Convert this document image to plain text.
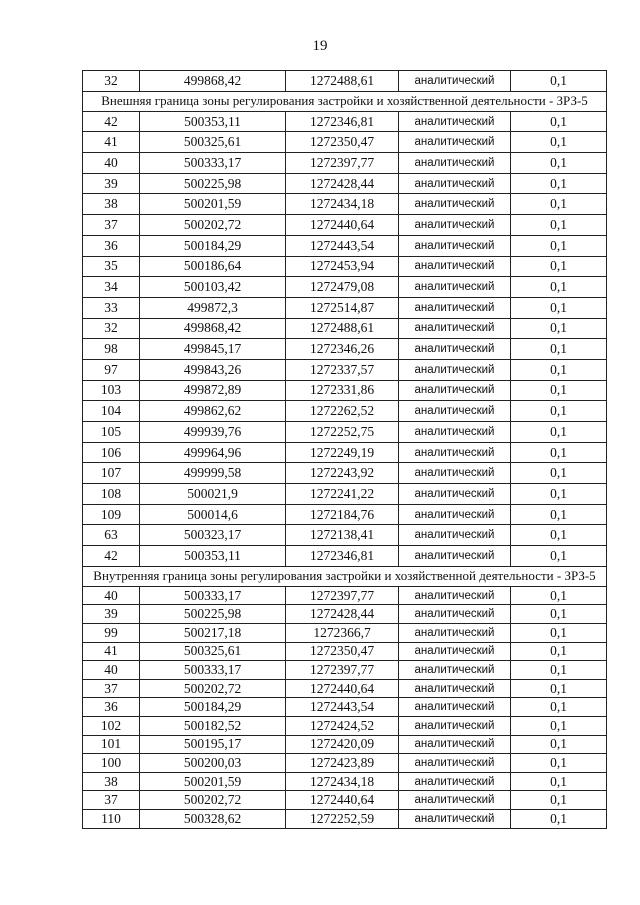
19
32	499868,42	1272488,61	аналитический	0,1
Внешняя граница зоны регулирования застройки и хозяйственной деятельности - ЗРЗ-5				
42	500353,11	1272346,81	аналитический	0,1
41	500325,61	1272350,47	аналитический	0,1
40	500333,17	1272397,77	аналитический	0,1
39	500225,98	1272428,44	аналитический	0,1
38	500201,59	1272434,18	аналитический	0,1
37	500202,72	1272440,64	аналитический	0,1
36	500184,29	1272443,54	аналитический	0,1
35	500186,64	1272453,94	аналитический	0,1
34	500103,42	1272479,08	аналитический	0,1
33	499872,3	1272514,87	аналитический	0,1
32	499868,42	1272488,61	аналитический	0,1
98	499845,17	1272346,26	аналитический	0,1
97	499843,26	1272337,57	аналитический	0,1
103	499872,89	1272331,86	аналитический	0,1
104	499862,62	1272262,52	аналитический	0,1
105	499939,76	1272252,75	аналитический	0,1
106	499964,96	1272249,19	аналитический	0,1
107	499999,58	1272243,92	аналитический	0,1
108	500021,9	1272241,22	аналитический	0,1
109	500014,6	1272184,76	аналитический	0,1
63	500323,17	1272138,41	аналитический	0,1
42	500353,11	1272346,81	аналитический	0,1
Внутренняя граница зоны регулирования застройки и хозяйственной деятельности - ЗРЗ-5				
40	500333,17	1272397,77	аналитический	0,1
39	500225,98	1272428,44	аналитический	0,1
99	500217,18	1272366,7	аналитический	0,1
41	500325,61	1272350,47	аналитический	0,1
40	500333,17	1272397,77	аналитический	0,1
37	500202,72	1272440,64	аналитический	0,1
36	500184,29	1272443,54	аналитический	0,1
102	500182,52	1272424,52	аналитический	0,1
101	500195,17	1272420,09	аналитический	0,1
100	500200,03	1272423,89	аналитический	0,1
38	500201,59	1272434,18	аналитический	0,1
37	500202,72	1272440,64	аналитический	0,1
110	500328,62	1272252,59	аналитический	0,1
